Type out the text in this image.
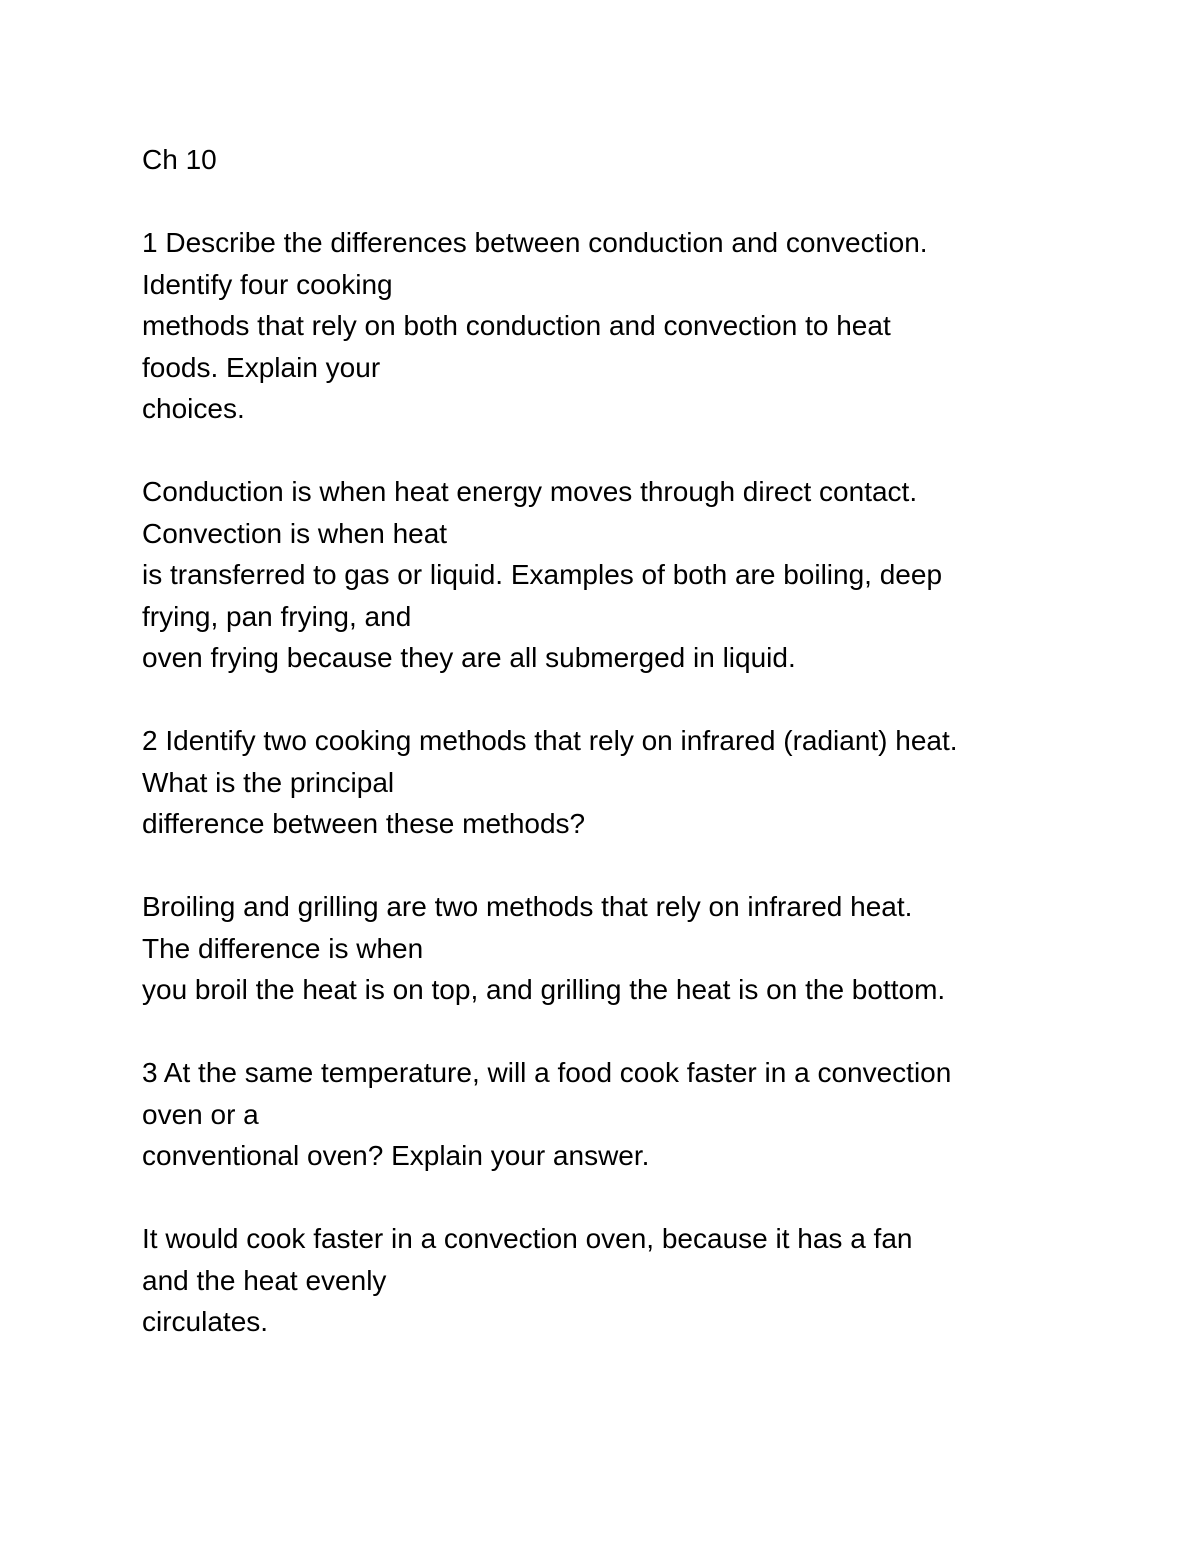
Ch 10
1 Describe the differences between conduction and convection.
Identify four cooking
methods that rely on both conduction and convection to heat
foods. Explain your
choices.
Conduction is when heat energy moves through direct contact.
Convection is when heat
is transferred to gas or liquid. Examples of both are boiling, deep
frying, pan frying, and
oven frying because they are all submerged in liquid.
2 Identify two cooking methods that rely on infrared (radiant) heat.
What is the principal
difference between these methods?
Broiling and grilling are two methods that rely on infrared heat.
The difference is when
you broil the heat is on top, and grilling the heat is on the bottom.
3 At the same temperature, will a food cook faster in a convection
oven or a
conventional oven? Explain your answer.
It would cook faster in a convection oven, because it has a fan
and the heat evenly
circulates.
